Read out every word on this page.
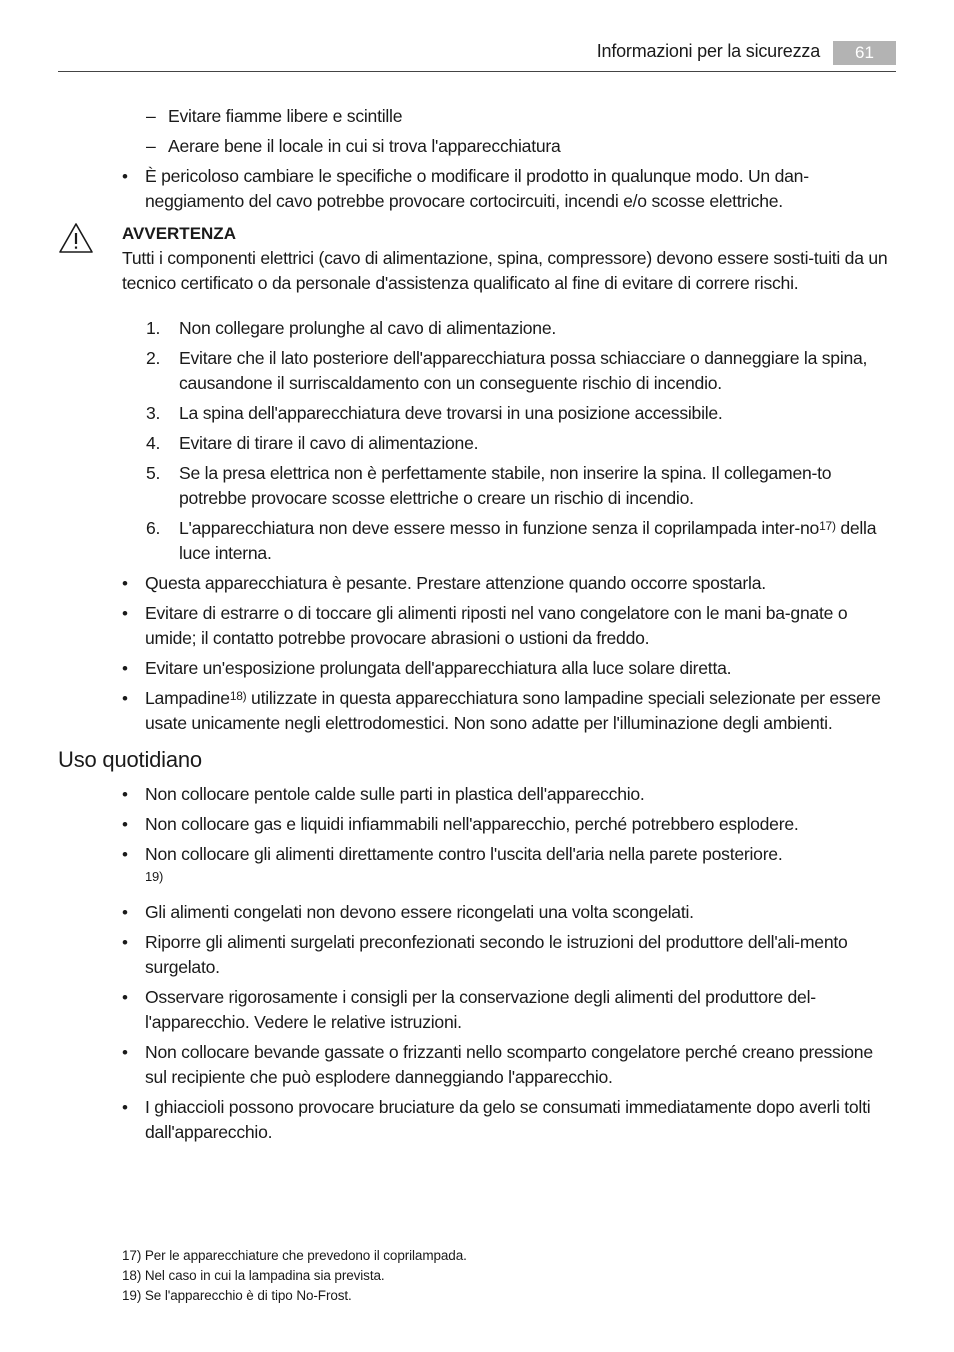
Informazioni per la sicurezza	61
– Evitare fiamme libere e scintille
– Aerare bene il locale in cui si trova l'apparecchiatura
• È pericoloso cambiare le specifiche o modificare il prodotto in qualunque modo. Un dan-neggiamento del cavo potrebbe provocare cortocircuiti, incendi e/o scosse elettriche.
AVVERTENZA
Tutti i componenti elettrici (cavo di alimentazione, spina, compressore) devono essere sosti-tuiti da un tecnico certificato o da personale d'assistenza qualificato al fine di evitare di correre rischi.
1. Non collegare prolunghe al cavo di alimentazione.
2. Evitare che il lato posteriore dell'apparecchiatura possa schiacciare o danneggiare la spina, causandone il surriscaldamento con un conseguente rischio di incendio.
3. La spina dell'apparecchiatura deve trovarsi in una posizione accessibile.
4. Evitare di tirare il cavo di alimentazione.
5. Se la presa elettrica non è perfettamente stabile, non inserire la spina. Il collegamen-to potrebbe provocare scosse elettriche o creare un rischio di incendio.
6. L'apparecchiatura non deve essere messo in funzione senza il coprilampada inter-$no^{17)}$ della luce interna.
• Questa apparecchiatura è pesante. Prestare attenzione quando occorre spostarla.
• Evitare di estrarre o di toccare gli alimenti riposti nel vano congelatore con le mani ba-gnate o umide; il contatto potrebbe provocare abrasioni o ustioni da freddo.
• Evitare un'esposizione prolungata dell'apparecchiatura alla luce solare diretta.
• Lampadine$^{18)}$ utilizzate in questa apparecchiatura sono lampadine speciali selezionate per essere usate unicamente negli elettrodomestici. Non sono adatte per l'illuminazione degli ambienti.
Uso quotidiano
• Non collocare pentole calde sulle parti in plastica dell'apparecchio.
• Non collocare gas e liquidi infiammabili nell'apparecchio, perché potrebbero esplodere.
• Non collocare gli alimenti direttamente contro l'uscita dell'aria nella parete posteriore.
19)
• Gli alimenti congelati non devono essere ricongelati una volta scongelati.
• Riporre gli alimenti surgelati preconfezionati secondo le istruzioni del produttore dell'ali-mento surgelato.
• Osservare rigorosamente i consigli per la conservazione degli alimenti del produttore del-l'apparecchio. Vedere le relative istruzioni.
• Non collocare bevande gassate o frizzanti nello scomparto congelatore perché creano pressione sul recipiente che può esplodere danneggiando l'apparecchio.
• I ghiaccioli possono provocare bruciature da gelo se consumati immediatamente dopo averli tolti dall'apparecchio.
17) Per le apparecchiature che prevedono il coprilampada.
18) Nel caso in cui la lampadina sia prevista.
19) Se l'apparecchio è di tipo No-Frost.
